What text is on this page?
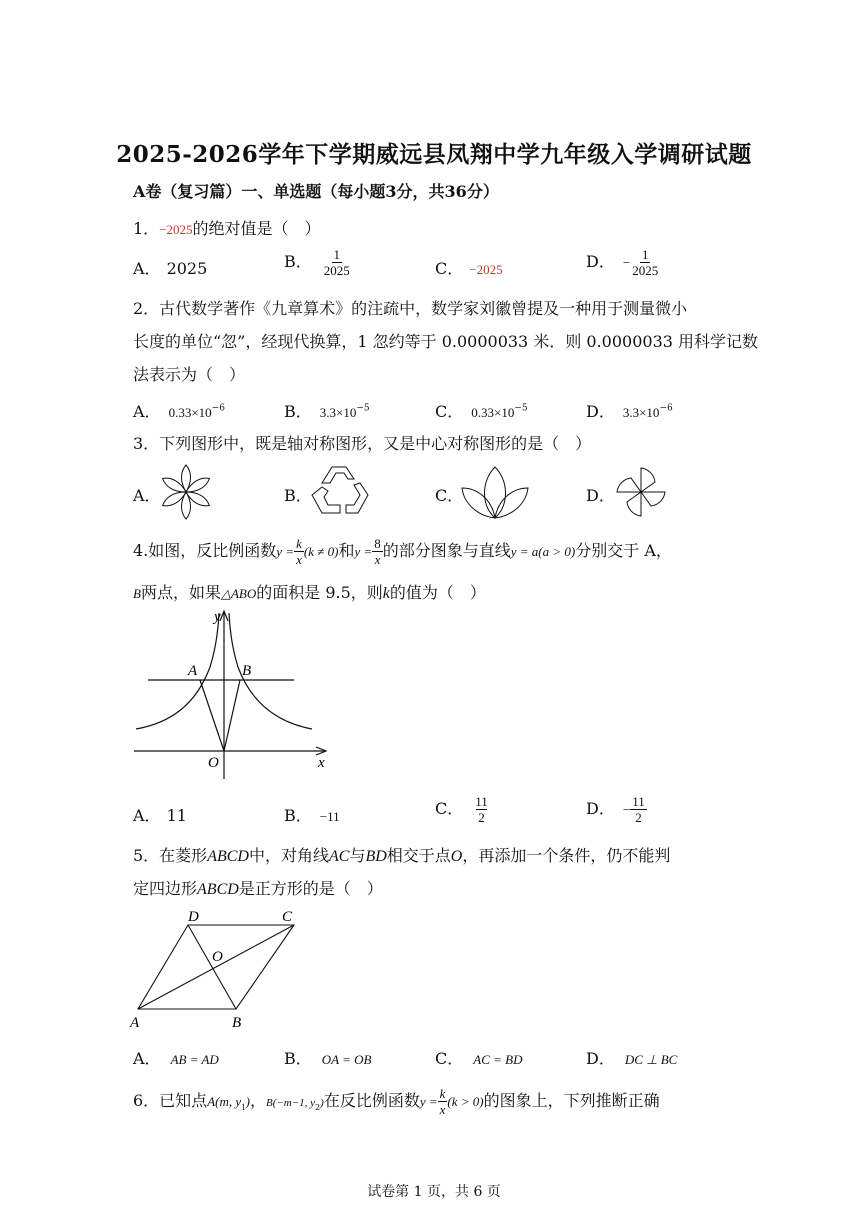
2025-2026学年下学期威远县凤翔中学九年级入学调研试题
A卷（复习篇）一、单选题（每小题3分，共36分）
1．−2025的绝对值是（　）
A． 2025	B． $\frac{1}{2025}$	C． −2025	D． − $\frac{1}{2025}$
2．古代数学著作《九章算术》的注疏中，数学家刘徽曾提及一种用于测量微小
长度的单位“忽”，经现代换算，1 忽约等于 0.0000033 米．则 0.0000033 用科学记数
法表示为（　）
A． $0.33\times 10^{-6}$	B． $3.3\times 10^{-5}$	C． $0.33\times 10^{-5}$	D． $3.3\times 10^{-6}$
3．下列图形中，既是轴对称图形，又是中心对称图形的是（　）
A．	B．	C．	D．
4.如图，反比例函数$y = \frac{k}{x} (k \ne 0)$和$y = \frac{8}{x}$ 的部分图象与直线y = a(a > 0)分别交于 A，
B两点，如果△ABO的面积是 9.5，则k的值为（　）
y
x
O
A	B
A． 11	B． −11	C． $\frac{11}{2}$	D． − $\frac{11}{2}$
5．在菱形ABCD中，对角线AC与BD相交于点O，再添加一个条件，仍不能判
定四边形ABCD是正方形的是（　）
A	B
C
D
O
A． AB = AD	B． OA = OB	C． AC = BD	D． DC ⊥ BC
6．已知点A(m, $y_1$)，B(−m−1, $y_2$)在反比例函数$y = \frac{k}{x} (k > 0)$的图象上，下列推断正确
试卷第 1 页，共 6 页
